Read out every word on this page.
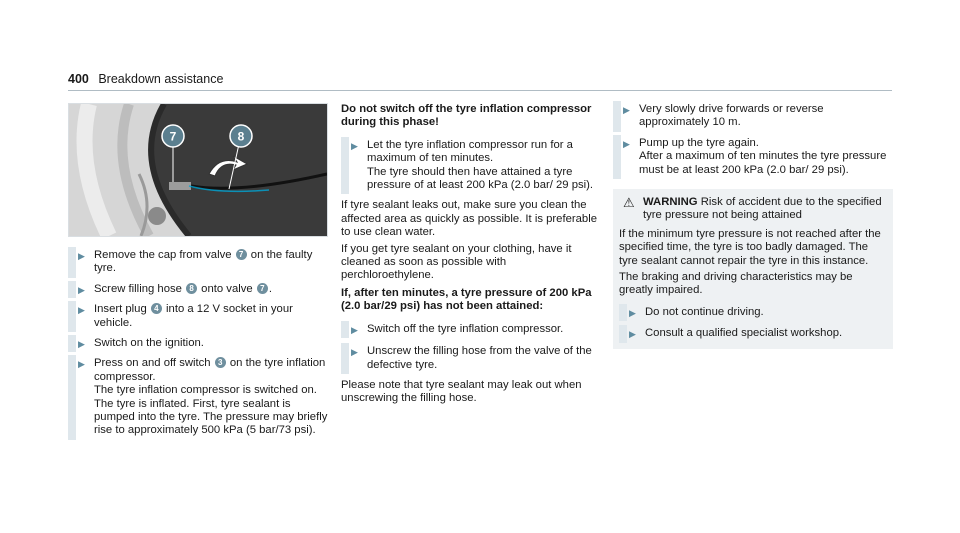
400 Breakdown assistance
7	8
▶ Remove the cap from valve 7 on the faulty tyre.
▶ Screw filling hose 8 onto valve 7 .
▶ Insert plug 4 into a 12 V socket in your vehicle.
▶ Switch on the ignition.
▶ Press on and off switch 3 on the tyre inflation compressor.
The tyre inflation compressor is switched on. The tyre is inflated. First, tyre sealant is pumped into the tyre. The pressure may briefly rise to approximately 500 kPa (5 bar/73 psi).
Do not switch off the tyre inflation compressor during this phase!
▶ Let the tyre inflation compressor run for a maximum of ten minutes.
The tyre should then have attained a tyre pressure of at least 200 kPa (2.0 bar/ 29 psi).
If tyre sealant leaks out, make sure you clean the affected area as quickly as possible. It is preferable to use clean water.
If you get tyre sealant on your clothing, have it cleaned as soon as possible with perchloroethylene.
If, after ten minutes, a tyre pressure of 200 kPa (2.0 bar/29 psi) has not been attained:
▶ Switch off the tyre inflation compressor.
▶ Unscrew the filling hose from the valve of the defective tyre.
Please note that tyre sealant may leak out when unscrewing the filling hose.
▶ Very slowly drive forwards or reverse approximately 10 m.
▶ Pump up the tyre again.
After a maximum of ten minutes the tyre pressure must be at least 200 kPa (2.0 bar/ 29 psi).
⚠ WARNING Risk of accident due to the specified tyre pressure not being attained
If the minimum tyre pressure is not reached after the specified time, the tyre is too badly damaged. The tyre sealant cannot repair the tyre in this instance.
The braking and driving characteristics may be greatly impaired.
▶ Do not continue driving.
▶ Consult a qualified specialist workshop.
